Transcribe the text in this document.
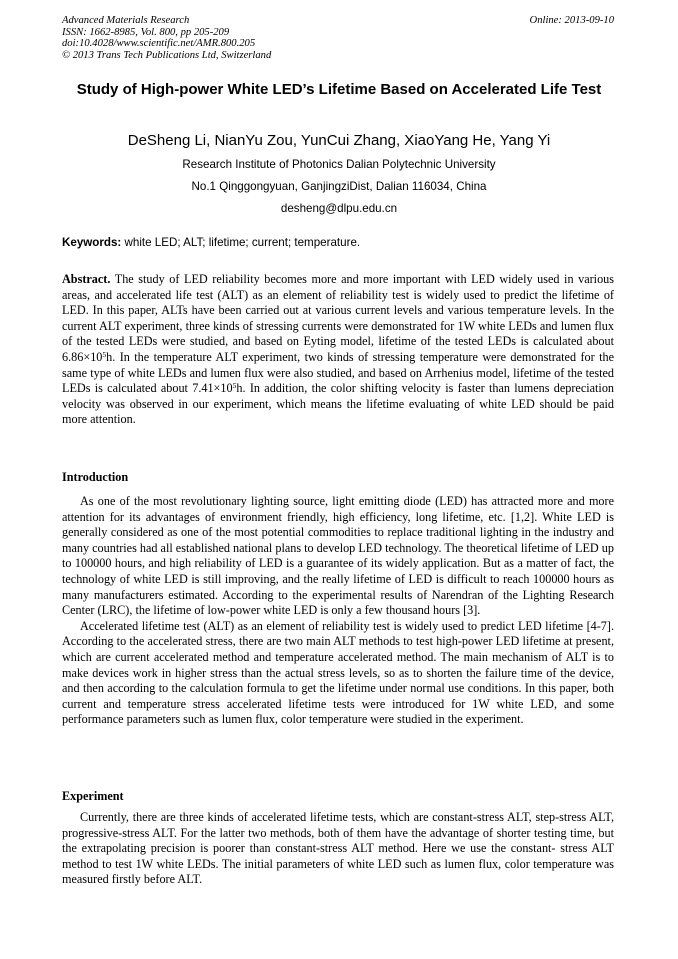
Advanced Materials Research
ISSN: 1662-8985, Vol. 800, pp 205-209
doi:10.4028/www.scientific.net/AMR.800.205
© 2013 Trans Tech Publications Ltd, Switzerland
Online: 2013-09-10
Study of High-power White LED’s Lifetime Based on Accelerated Life Test
DeSheng Li, NianYu Zou, YunCui Zhang, XiaoYang He, Yang Yi
Research Institute of Photonics Dalian Polytechnic University
No.1 Qinggongyuan, GanjingziDist, Dalian 116034, China
desheng@dlpu.edu.cn
Keywords: white LED; ALT; lifetime; current; temperature.
Abstract. The study of LED reliability becomes more and more important with LED widely used in various areas, and accelerated life test (ALT) as an element of reliability test is widely used to predict the lifetime of LED. In this paper, ALTs have been carried out at various current levels and various temperature levels. In the current ALT experiment, three kinds of stressing currents were demonstrated for 1W white LEDs and lumen flux of the tested LEDs were studied, and based on Eyting model, lifetime of the tested LEDs is calculated about $6.86\times 10^5h$. In the temperature ALT experiment, two kinds of stressing temperature were demonstrated for the same type of white LEDs and lumen flux were also studied, and based on Arrhenius model, lifetime of the tested LEDs is calculated about $7.41\times 10^5h$. In addition, the color shifting velocity is faster than lumens depreciation velocity was observed in our experiment, which means the lifetime evaluating of white LED should be paid more attention.
Introduction

As one of the most revolutionary lighting source, light emitting diode (LED) has attracted more and more attention for its advantages of environment friendly, high efficiency, long lifetime, etc. [1,2]. White LED is generally considered as one of the most potential commodities to replace traditional lighting in the industry and many countries had all established national plans to develop LED technology. The theoretical lifetime of LED up to 100000 hours, and high reliability of LED is a guarantee of its widely application. But as a matter of fact, the technology of white LED is still improving, and the really lifetime of LED is difficult to reach 100000 hours as many manufacturers estimated. According to the experimental results of Narendran of the Lighting Research Center (LRC), the lifetime of low-power white LED is only a few thousand hours [3].

Accelerated lifetime test (ALT) as an element of reliability test is widely used to predict LED lifetime [4-7]. According to the accelerated stress, there are two main ALT methods to test high-power LED lifetime at present, which are current accelerated method and temperature accelerated method. The main mechanism of ALT is to make devices work in higher stress than the actual stress levels, so as to shorten the failure time of the device, and then according to the calculation formula to get the lifetime under normal use conditions. In this paper, both current and temperature stress accelerated lifetime tests were introduced for 1W white LED, and some performance parameters such as lumen flux, color temperature were studied in the experiment.

Experiment

Currently, there are three kinds of accelerated lifetime tests, which are constant-stress ALT, step-stress ALT, progressive-stress ALT. For the latter two methods, both of them have the advantage of shorter testing time, but the extrapolating precision is poorer than constant-stress ALT method. Here we use the constant- stress ALT method to test 1W white LEDs. The initial parameters of white LED such as lumen flux, color temperature was measured firstly before ALT.
